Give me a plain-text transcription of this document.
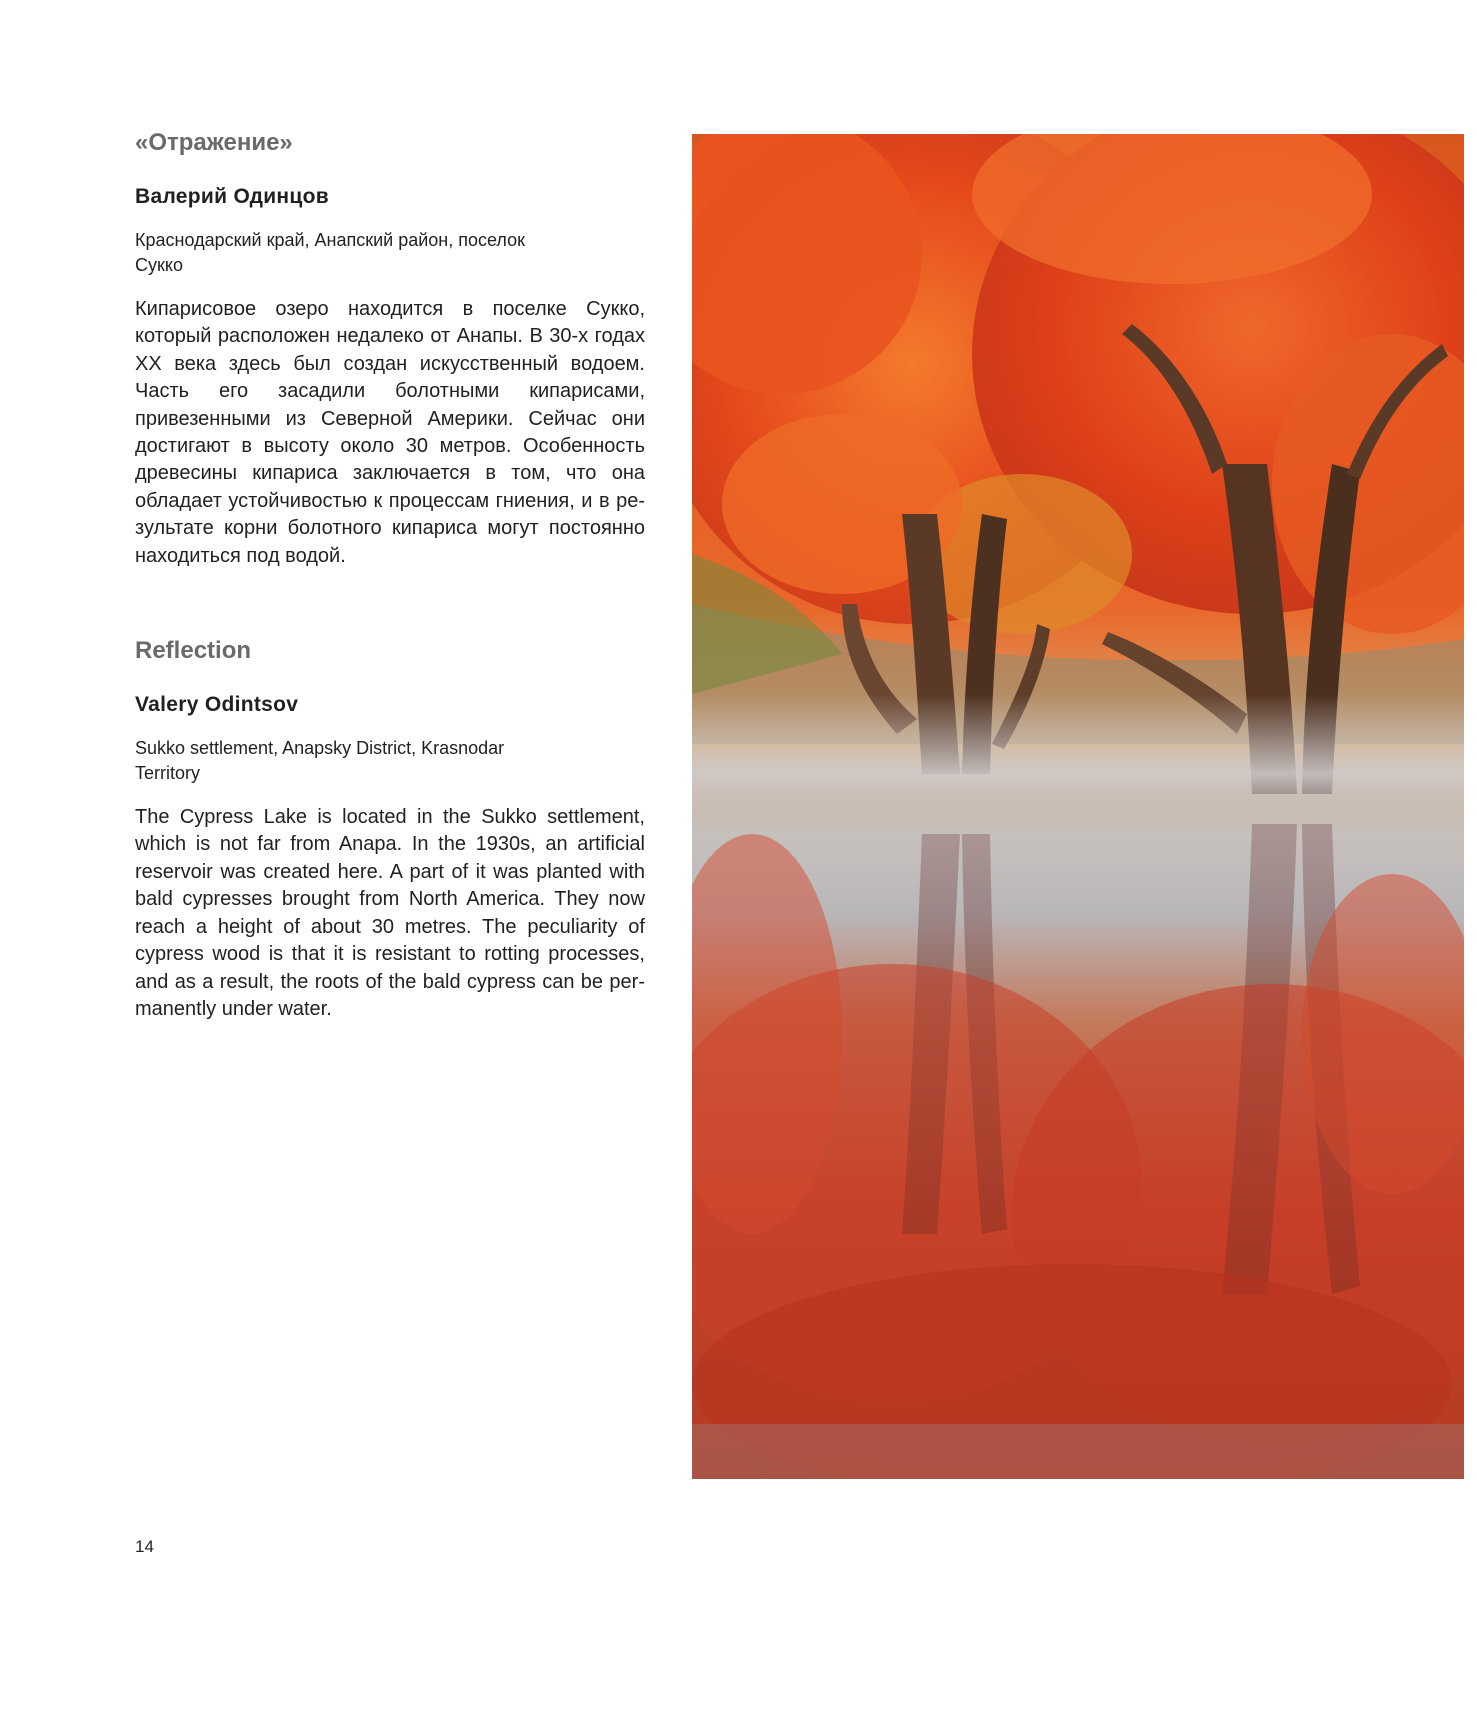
«Отражение»
Валерий Одинцов

Краснодарский край, Анапский район, поселок Сукко

Кипарисовое озеро находится в поселке Сукко, который расположен недалеко от Анапы. В 30-х годах XX века здесь был создан искусственный водоем. Часть его засадили болотными кипарисами, привезенными из Северной Америки. Сейчас они достигают в высоту около 30 метров. Особенность древесины кипариса заключается в том, что она обладает устойчивостью к процессам гниения, и в результате корни болотного кипариса могут постоянно находиться под водой.

Reflection
Valery Odintsov

Sukko settlement, Anapsky District, Krasnodar Territory

The Cypress Lake is located in the Sukko settlement, which is not far from Anapa. In the 1930s, an artificial reservoir was created here. A part of it was planted with bald cypresses brought from North America. They now reach a height of about 30 metres. The peculiarity of cypress wood is that it is resistant to rotting processes, and as a result, the roots of the bald cypress can be permanently under water.

14
